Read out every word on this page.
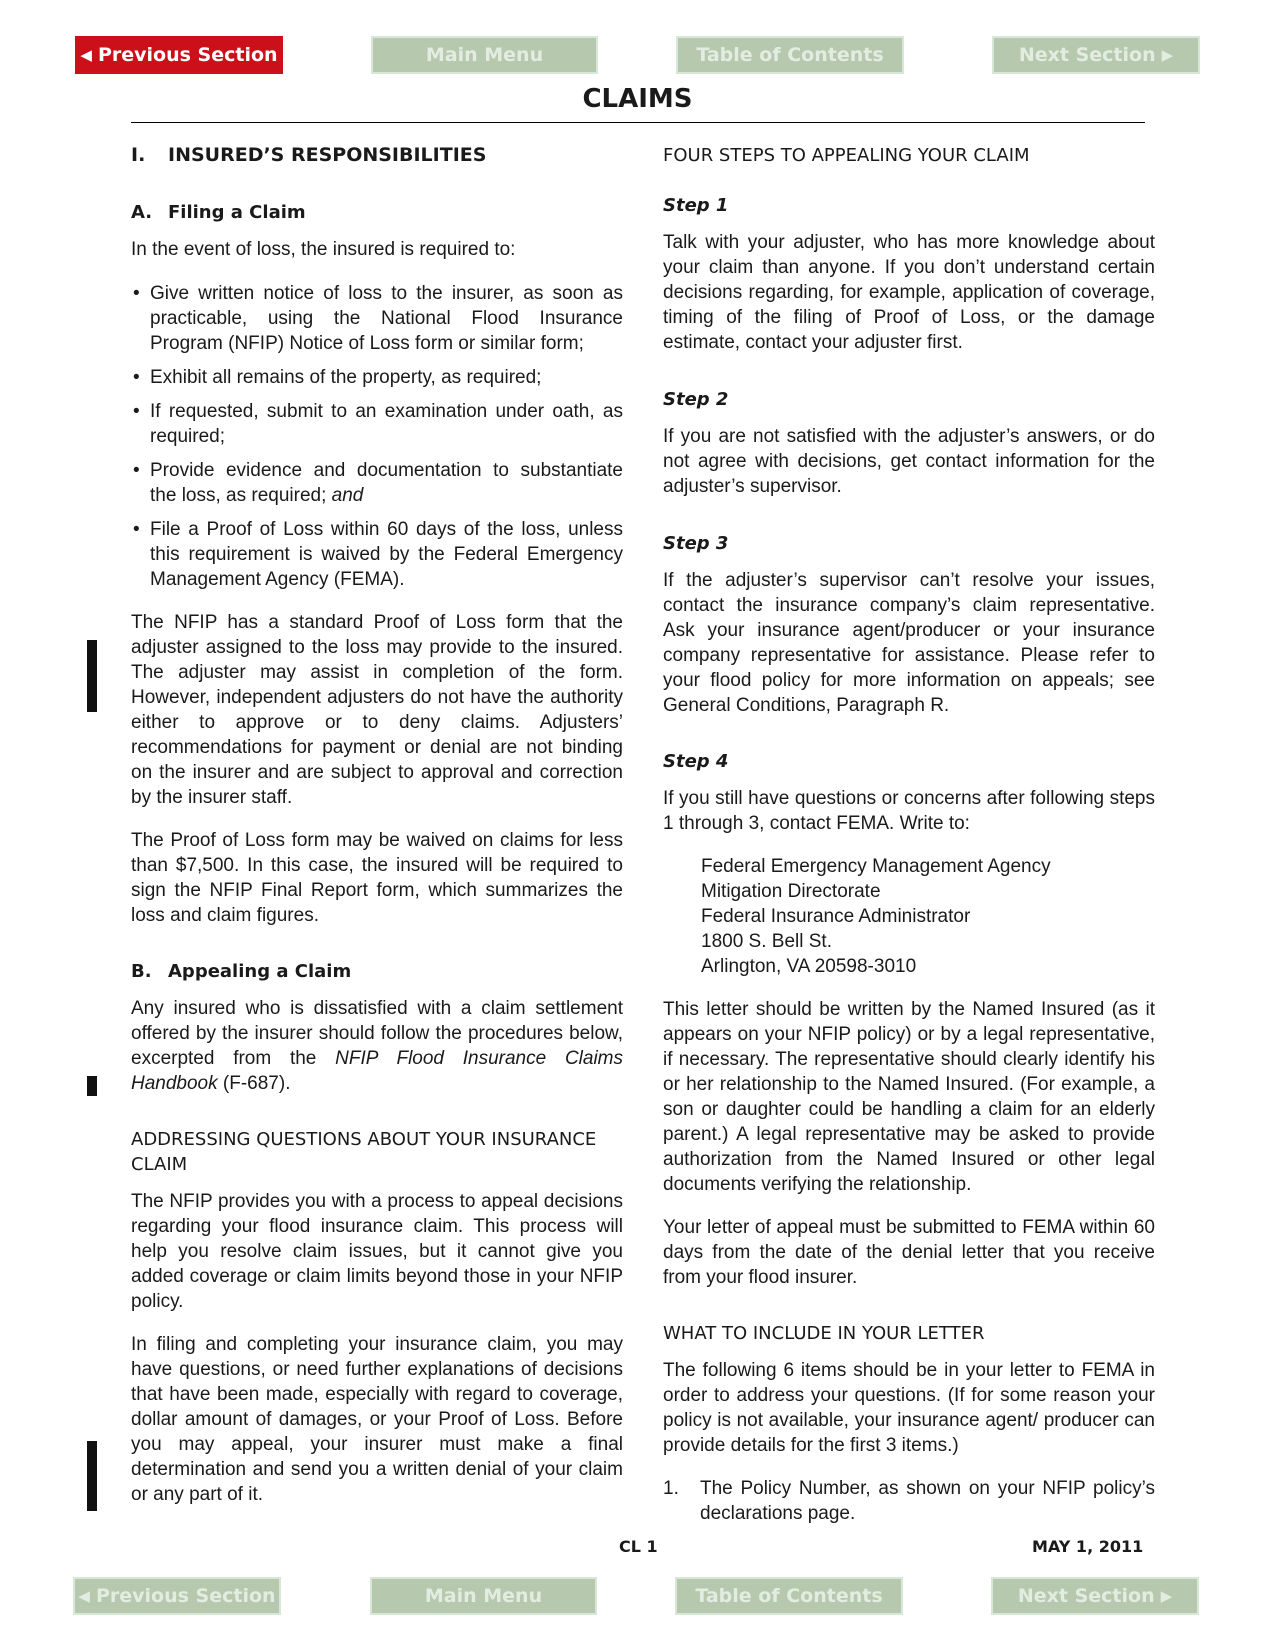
◀ Previous Section	Main Menu	Table of Contents	Next Section ▶
CLAIMS
I. INSURED’S RESPONSIBILITIES
A. Filing a Claim

In the event of loss, the insured is required to:

• Give written notice of loss to the insurer, as soon as practicable, using the National Flood Insurance Program (NFIP) Notice of Loss form or similar form;
• Exhibit all remains of the property, as required;
• If requested, submit to an examination under oath, as required;
• Provide evidence and documentation to substantiate the loss, as required; and
• File a Proof of Loss within 60 days of the loss, unless this requirement is waived by the Federal Emergency Management Agency (FEMA).

The NFIP has a standard Proof of Loss form that the adjuster assigned to the loss may provide to the insured. The adjuster may assist in completion of the form. However, independent adjusters do not have the authority either to approve or to deny claims. Adjusters’ recommendations for payment or denial are not binding on the insurer and are subject to approval and correction by the insurer staff.

The Proof of Loss form may be waived on claims for less than $7,500. In this case, the insured will be required to sign the NFIP Final Report form, which summarizes the loss and claim figures.

B. Appealing a Claim

Any insured who is dissatisfied with a claim settlement offered by the insurer should follow the procedures below, excerpted from the NFIP Flood Insurance Claims Handbook (F-687).

ADDRESSING QUESTIONS ABOUT YOUR INSURANCE CLAIM

The NFIP provides you with a process to appeal decisions regarding your flood insurance claim. This process will help you resolve claim issues, but it cannot give you added coverage or claim limits beyond those in your NFIP policy.

In filing and completing your insurance claim, you may have questions, or need further explanations of decisions that have been made, especially with regard to coverage, dollar amount of damages, or your Proof of Loss. Before you may appeal, your insurer must make a final determination and send you a written denial of your claim or any part of it.

FOUR STEPS TO APPEALING YOUR CLAIM
Step 1

Talk with your adjuster, who has more knowledge about your claim than anyone. If you don’t understand certain decisions regarding, for example, application of coverage, timing of the filing of Proof of Loss, or the damage estimate, contact your adjuster first.

Step 2

If you are not satisfied with the adjuster’s answers, or do not agree with decisions, get contact information for the adjuster’s supervisor.

Step 3

If the adjuster’s supervisor can’t resolve your issues, contact the insurance company’s claim representative. Ask your insurance agent/producer or your insurance company representative for assistance. Please refer to your flood policy for more information on appeals; see General Conditions, Paragraph R.

Step 4

If you still have questions or concerns after following steps 1 through 3, contact FEMA. Write to:

Federal Emergency Management Agency
Mitigation Directorate
Federal Insurance Administrator
1800 S. Bell St.
Arlington, VA 20598-3010

This letter should be written by the Named Insured (as it appears on your NFIP policy) or by a legal representative, if necessary. The representative should clearly identify his or her relationship to the Named Insured. (For example, a son or daughter could be handling a claim for an elderly parent.) A legal representative may be asked to provide authorization from the Named Insured or other legal documents verifying the relationship.

Your letter of appeal must be submitted to FEMA within 60 days from the date of the denial letter that you receive from your flood insurer.

WHAT TO INCLUDE IN YOUR LETTER

The following 6 items should be in your letter to FEMA in order to address your questions. (If for some reason your policy is not available, your insurance agent/ producer can provide details for the first 3 items.)

1.	The Policy Number, as shown on your NFIP policy’s declarations page.
CL 1	MAY 1, 2011
◀ Previous Section	Main Menu	Table of Contents	Next Section ▶
